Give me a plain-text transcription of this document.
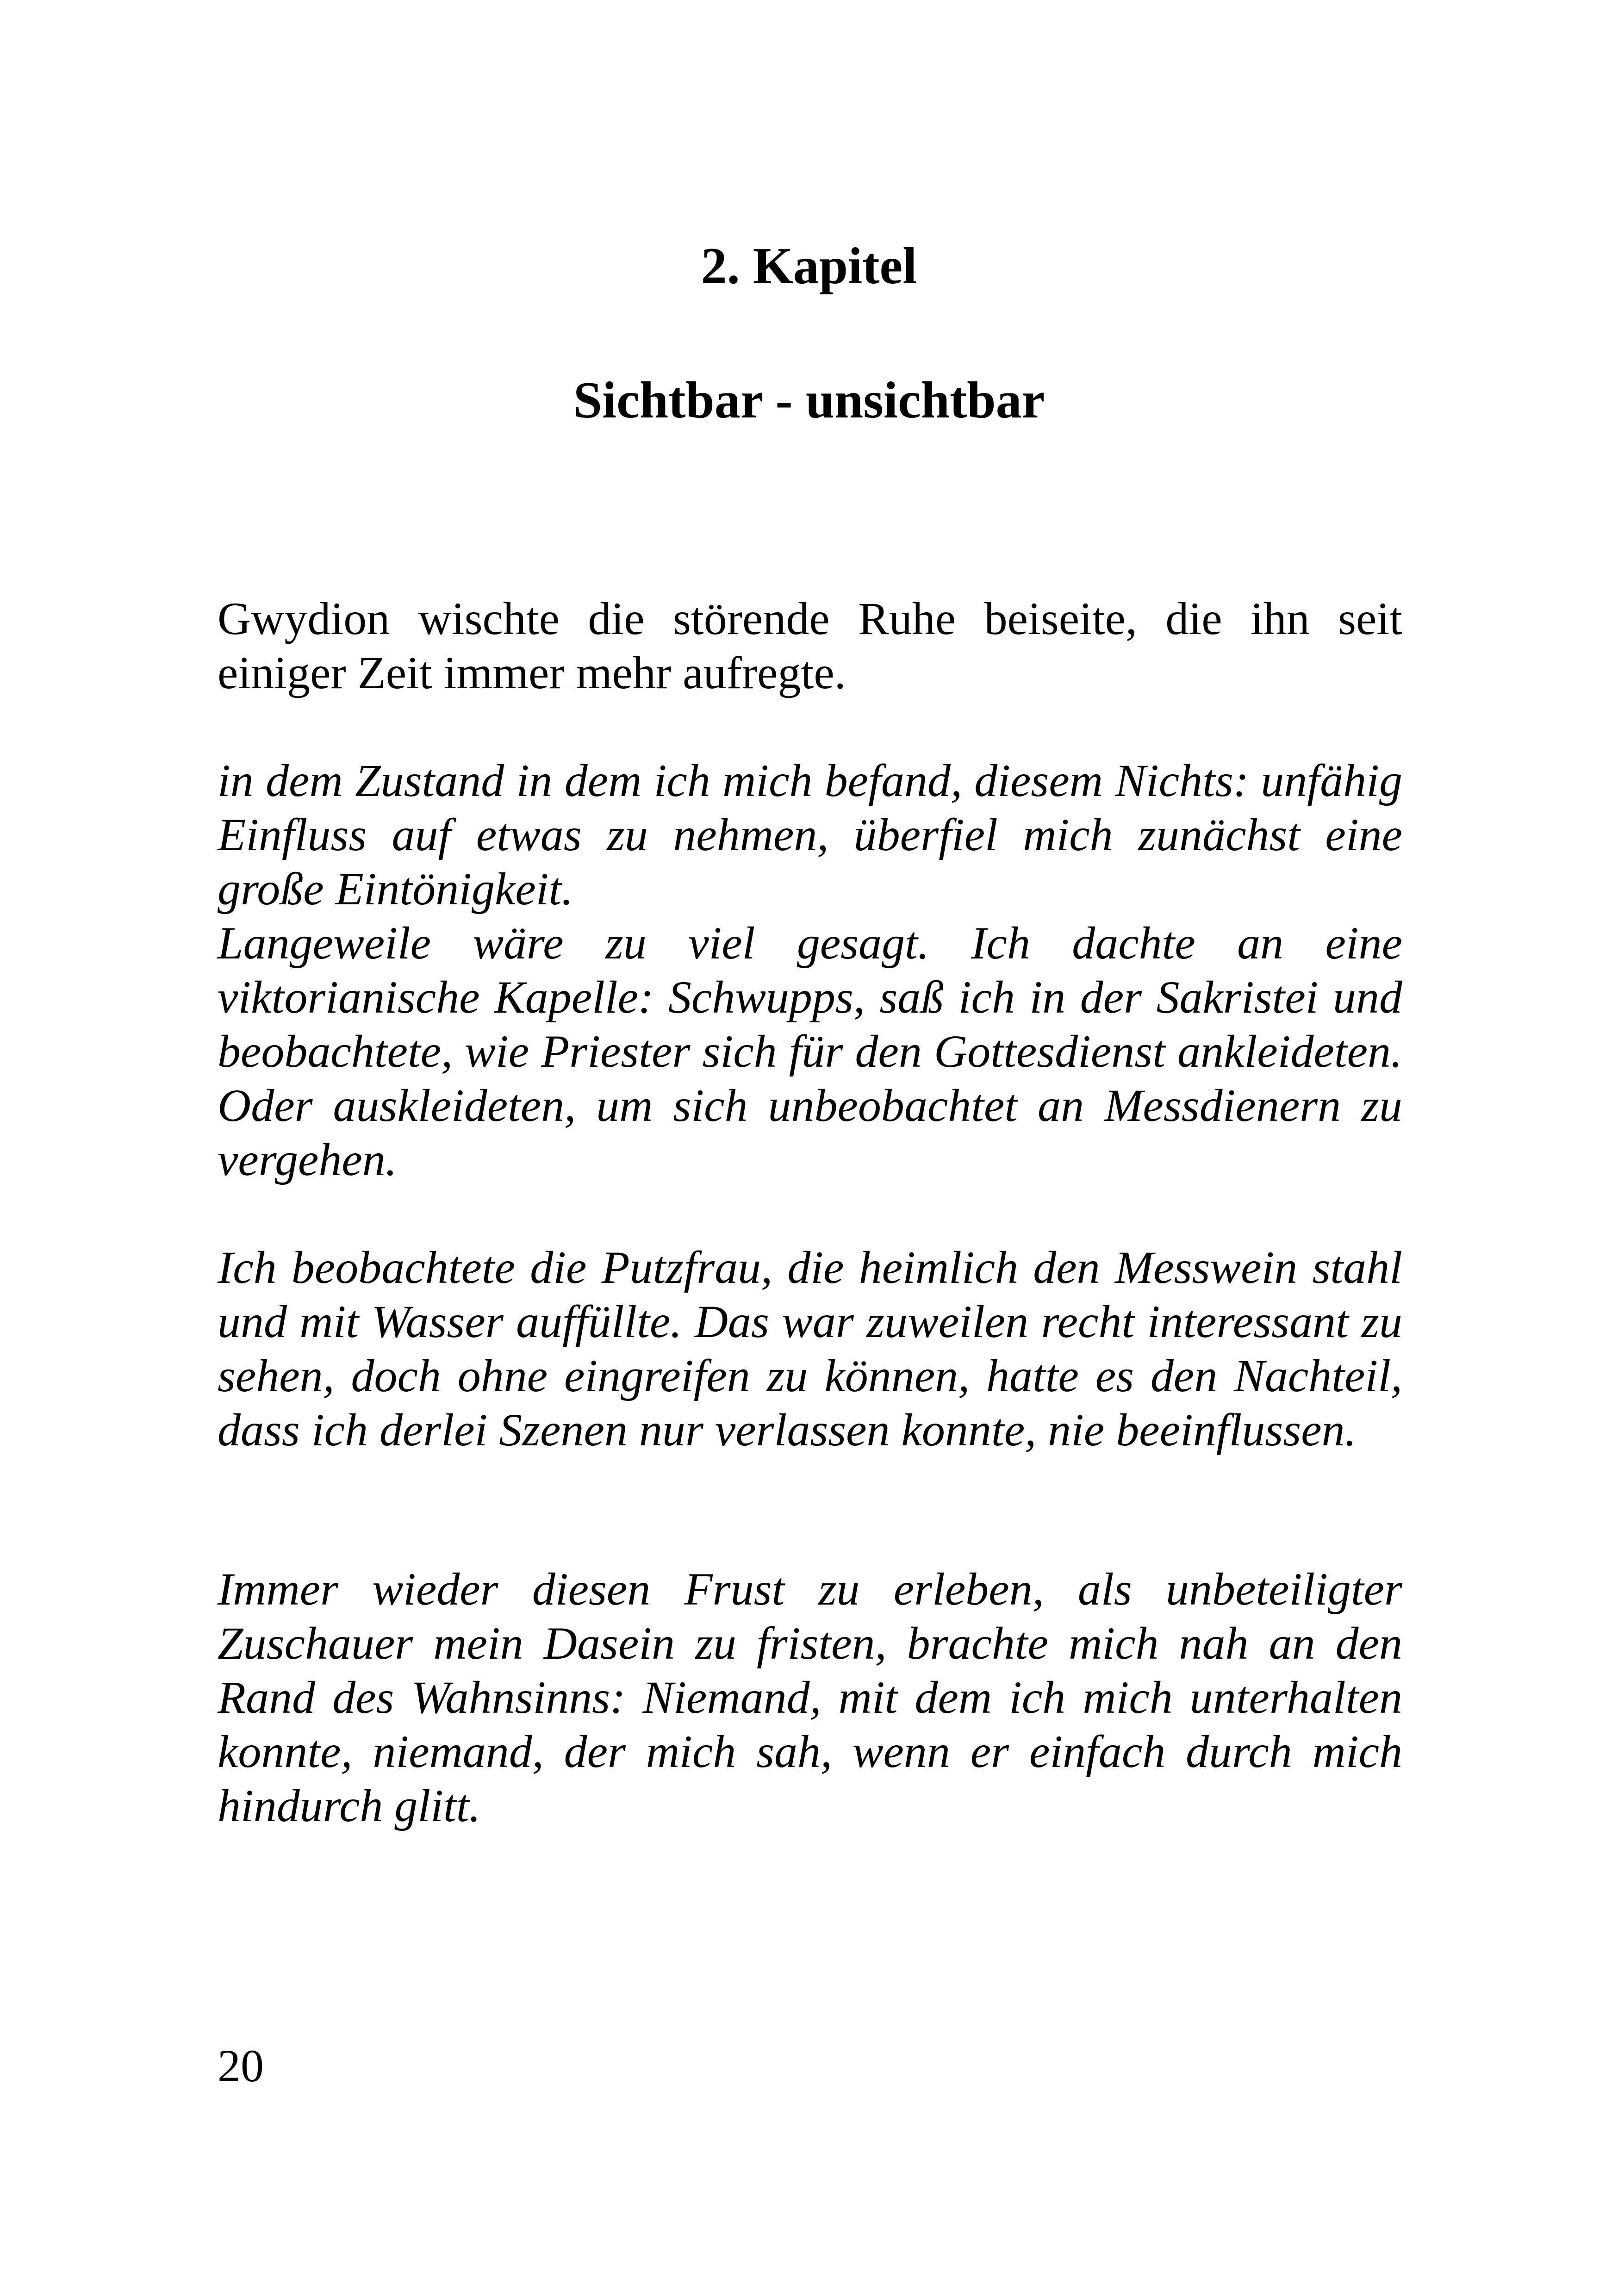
2. Kapitel
Sichtbar - unsichtbar

Gwydion wischte die störende Ruhe beiseite, die ihn seit einiger Zeit immer mehr aufregte.

in dem Zustand in dem ich mich befand, diesem Nichts: unfähig Einfluss auf etwas zu nehmen, überfiel mich zunächst eine große Eintönigkeit.

Langeweile wäre zu viel gesagt. Ich dachte an eine viktorianische Kapelle: Schwupps, saß ich in der Sakristei und beobachtete, wie Priester sich für den Gottesdienst ankleideten. Oder auskleideten, um sich unbeobachtet an Messdienern zu vergehen.

Ich beobachtete die Putzfrau, die heimlich den Messwein stahl und mit Wasser auffüllte. Das war zuweilen recht interessant zu sehen, doch ohne eingreifen zu können, hatte es den Nachteil, dass ich derlei Szenen nur verlassen konnte, nie beeinflussen.

Immer wieder diesen Frust zu erleben, als unbeteiligter Zuschauer mein Dasein zu fristen, brachte mich nah an den Rand des Wahnsinns: Niemand, mit dem ich mich unterhalten konnte, niemand, der mich sah, wenn er einfach durch mich hindurch glitt.

20
